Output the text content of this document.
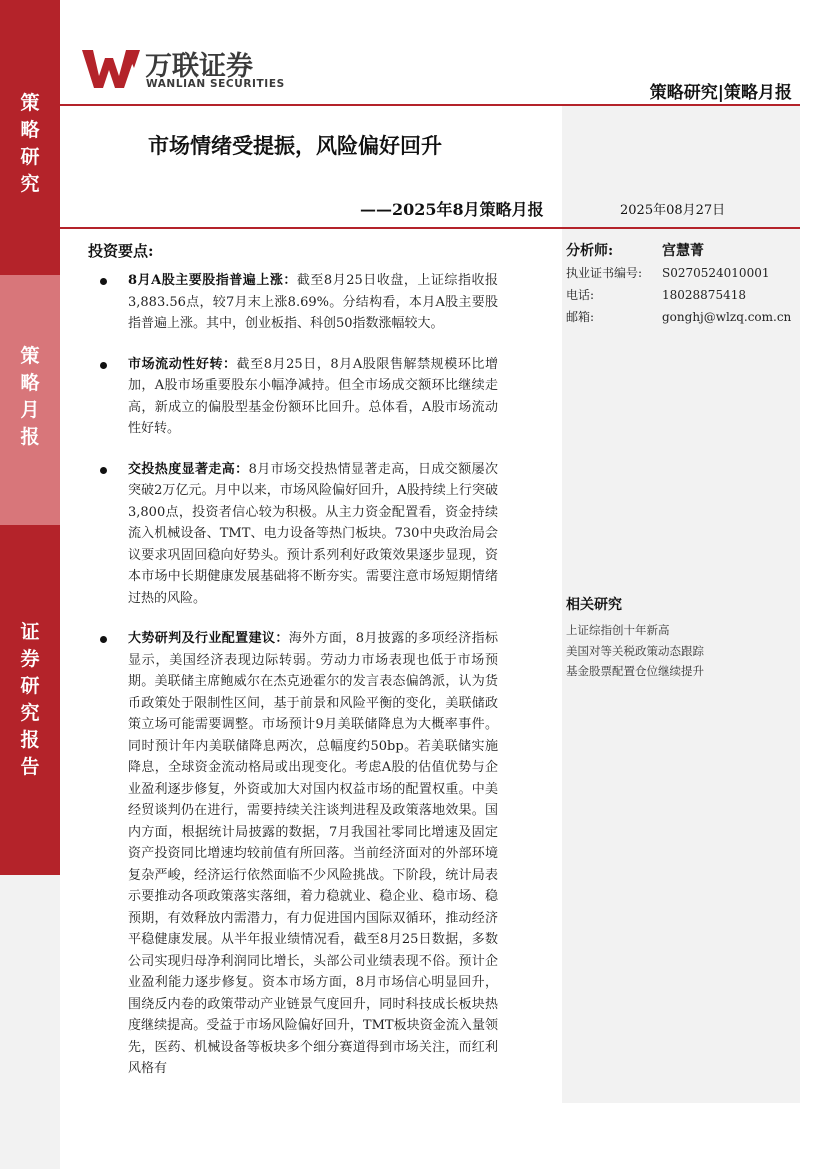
策
略
研
究
策
略
月
报
证
券
研
究
报
告
万联证券
WANLIAN SECURITIES	策略研究|策略月报
市场情绪受提振，风险偏好回升
——2025年8月策略月报	2025年08月27日
投资要点:
8月A股主要股指普遍上涨：截至8月25日收盘，上证综指收报3,883.56点，较7月末上涨8.69%。分结构看，本月A股主要股指普遍上涨。其中，创业板指、科创50指数涨幅较大。
市场流动性好转：截至8月25日，8月A股限售解禁规模环比增加，A股市场重要股东小幅净减持。但全市场成交额环比继续走高，新成立的偏股型基金份额环比回升。总体看，A股市场流动性好转。
交投热度显著走高：8月市场交投热情显著走高，日成交额屡次突破2万亿元。月中以来，市场风险偏好回升，A股持续上行突破3,800点，投资者信心较为积极。从主力资金配置看，资金持续流入机械设备、TMT、电力设备等热门板块。730中央政治局会议要求巩固回稳向好势头。预计系列利好政策效果逐步显现，资本市场中长期健康发展基础将不断夯实。需要注意市场短期情绪过热的风险。
大势研判及行业配置建议：海外方面，8月披露的多项经济指标显示，美国经济表现边际转弱。劳动力市场表现也低于市场预期。美联储主席鲍威尔在杰克逊霍尔的发言表态偏鸽派，认为货币政策处于限制性区间，基于前景和风险平衡的变化，美联储政策立场可能需要调整。市场预计9月美联储降息为大概率事件。同时预计年内美联储降息两次，总幅度约50bp。若美联储实施降息，全球资金流动格局或出现变化。考虑A股的估值优势与企业盈利逐步修复，外资或加大对国内权益市场的配置权重。中美经贸谈判仍在进行，需要持续关注谈判进程及政策落地效果。国内方面，根据统计局披露的数据，7月我国社零同比增速及固定资产投资同比增速均较前值有所回落。当前经济面对的外部环境复杂严峻，经济运行依然面临不少风险挑战。下阶段，统计局表示要推动各项政策落实落细，着力稳就业、稳企业、稳市场、稳预期，有效释放内需潜力，有力促进国内国际双循环，推动经济平稳健康发展。从半年报业绩情况看，截至8月25日数据，多数公司实现归母净利润同比增长，头部公司业绩表现不俗。预计企业盈利能力逐步修复。资本市场方面，8月市场信心明显回升，围绕反内卷的政策带动产业链景气度回升，同时科技成长板块热度继续提高。受益于市场风险偏好回升，TMT板块资金流入量领先，医药、机械设备等板块多个细分赛道得到市场关注，而红利风格有
分析师:	宫慧菁
执业证书编号: S0270524010001
电话:	18028875418
邮箱:	gonghj@wlzq.com.cn
相关研究
上证综指创十年新高
美国对等关税政策动态跟踪
基金股票配置仓位继续提升
